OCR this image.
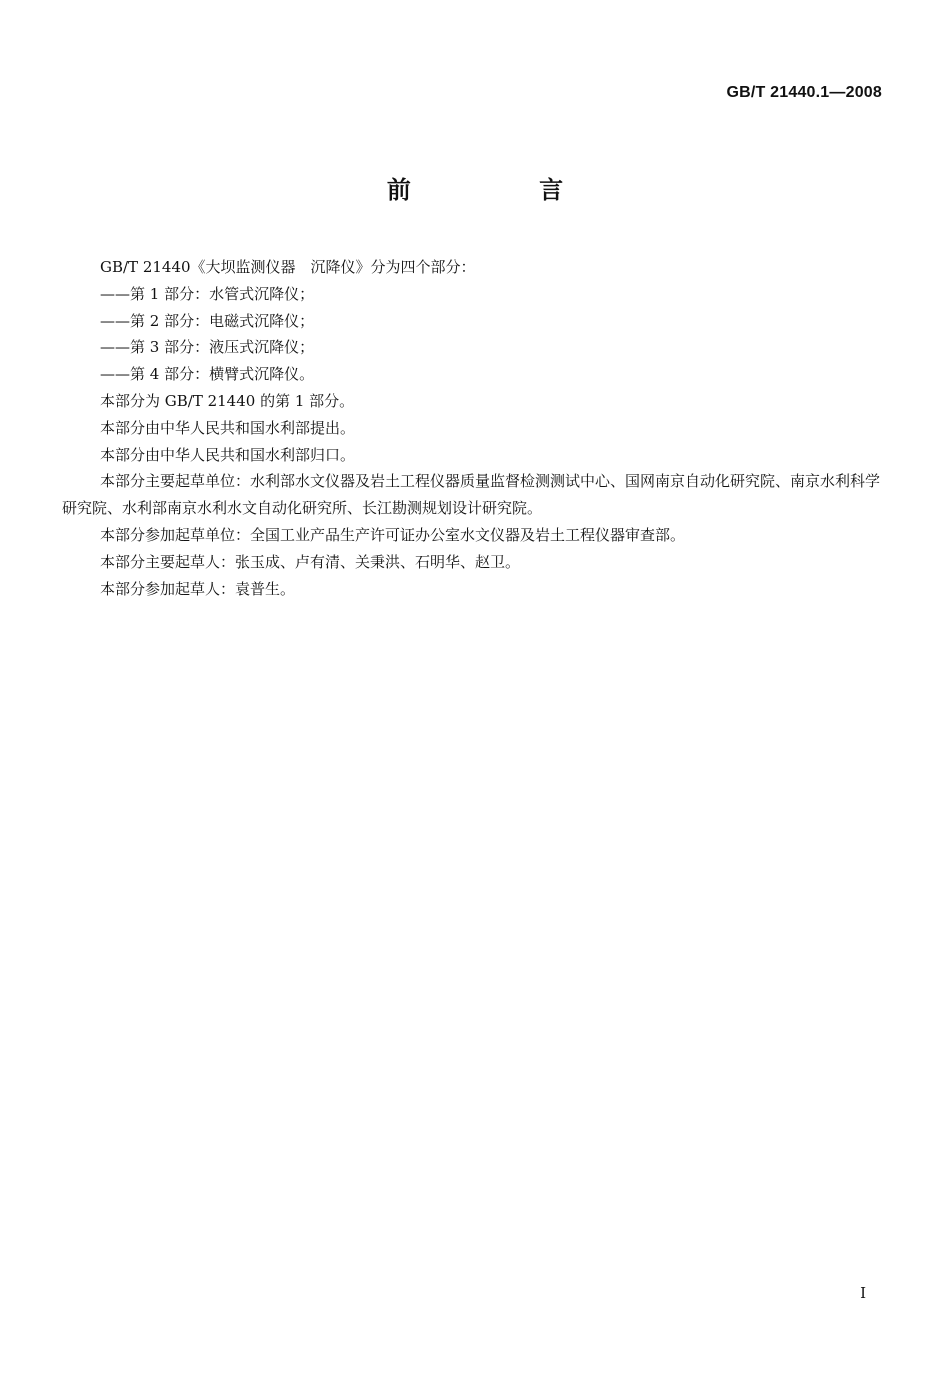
GB/T 21440.1—2008
前 言

GB/T 21440《大坝监测仪器　沉降仪》分为四个部分：

——第 1 部分：水管式沉降仪；

——第 2 部分：电磁式沉降仪；

——第 3 部分：液压式沉降仪；

——第 4 部分：横臂式沉降仪。

本部分为 GB/T 21440 的第 1 部分。

本部分由中华人民共和国水利部提出。

本部分由中华人民共和国水利部归口。

本部分主要起草单位：水利部水文仪器及岩土工程仪器质量监督检测测试中心、国网南京自动化研究院、南京水利科学研究院、水利部南京水利水文自动化研究所、长江勘测规划设计研究院。

本部分参加起草单位：全国工业产品生产许可证办公室水文仪器及岩土工程仪器审查部。

本部分主要起草人：张玉成、卢有清、关秉洪、石明华、赵卫。

本部分参加起草人：袁普生。

I
